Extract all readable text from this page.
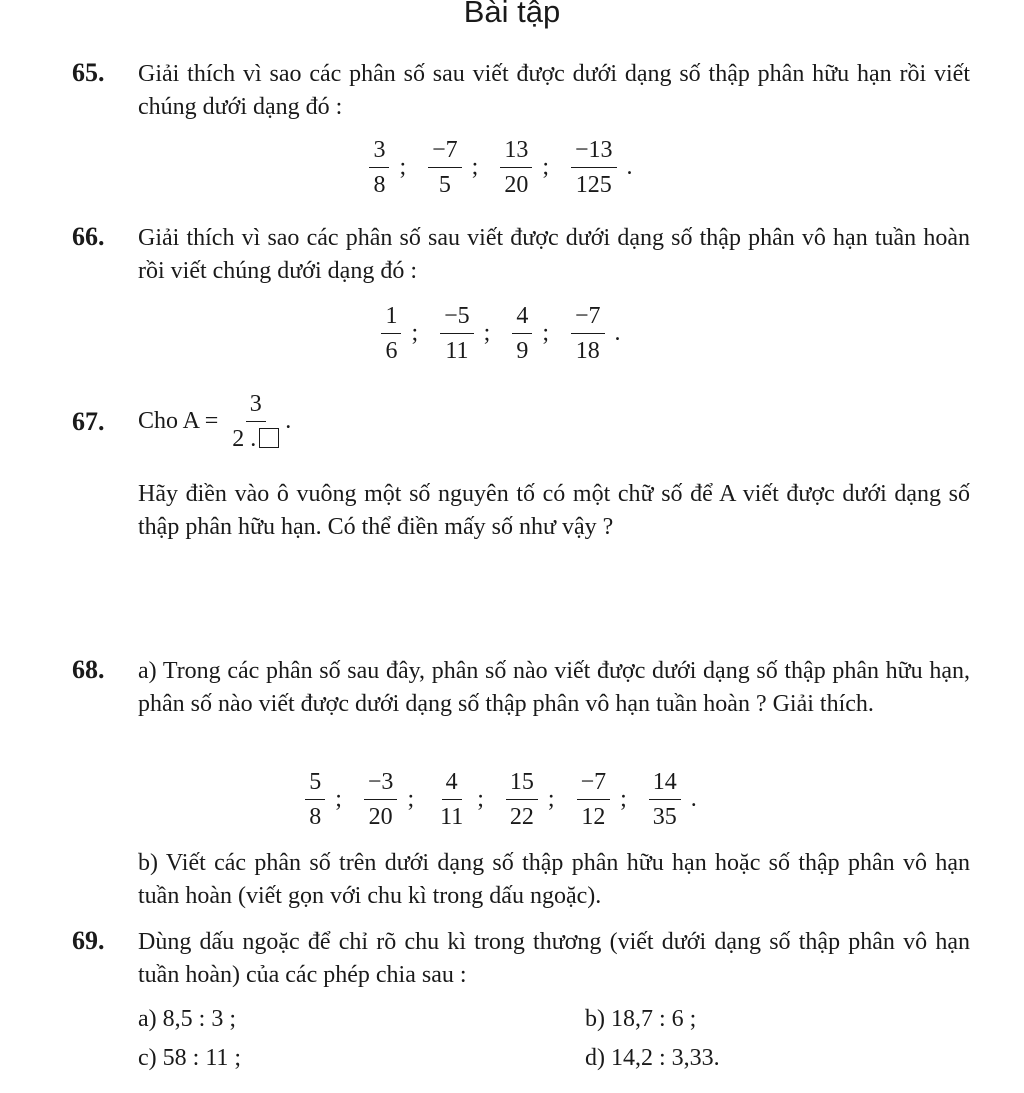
Bài tập
65. Giải thích vì sao các phân số sau viết được dưới dạng số thập phân hữu hạn rồi viết chúng dưới dạng đó :
$\frac{3}{8}$ ; $\frac{-7}{5}$ ; $\frac{13}{20}$ ; $\frac{-13}{125}$ .
66. Giải thích vì sao các phân số sau viết được dưới dạng số thập phân vô hạn tuần hoàn rồi viết chúng dưới dạng đó :
$\frac{1}{6}$ ; $\frac{-5}{11}$ ; $\frac{4}{9}$ ; $\frac{-7}{18}$ .
67. Cho $A = \frac{3}{2 .}$ .
Hãy điền vào ô vuông một số nguyên tố có một chữ số để A viết được dưới dạng số thập phân hữu hạn. Có thể điền mấy số như vậy ?
68. a) Trong các phân số sau đây, phân số nào viết được dưới dạng số thập phân hữu hạn, phân số nào viết được dưới dạng số thập phân vô hạn tuần hoàn ? Giải thích.
$\frac{5}{8}$ ; $\frac{-3}{20}$ ; $\frac{4}{11}$ ; $\frac{15}{22}$ ; $\frac{-7}{12}$ ; $\frac{14}{35}$ .
b) Viết các phân số trên dưới dạng số thập phân hữu hạn hoặc số thập phân vô hạn tuần hoàn (viết gọn với chu kì trong dấu ngoặc).
69. Dùng dấu ngoặc để chỉ rõ chu kì trong thương (viết dưới dạng số thập phân vô hạn tuần hoàn) của các phép chia sau :
a) 8,5 : 3 ;	b) 18,7 : 6 ;
c) 58 : 11 ;	d) 14,2 : 3,33.
